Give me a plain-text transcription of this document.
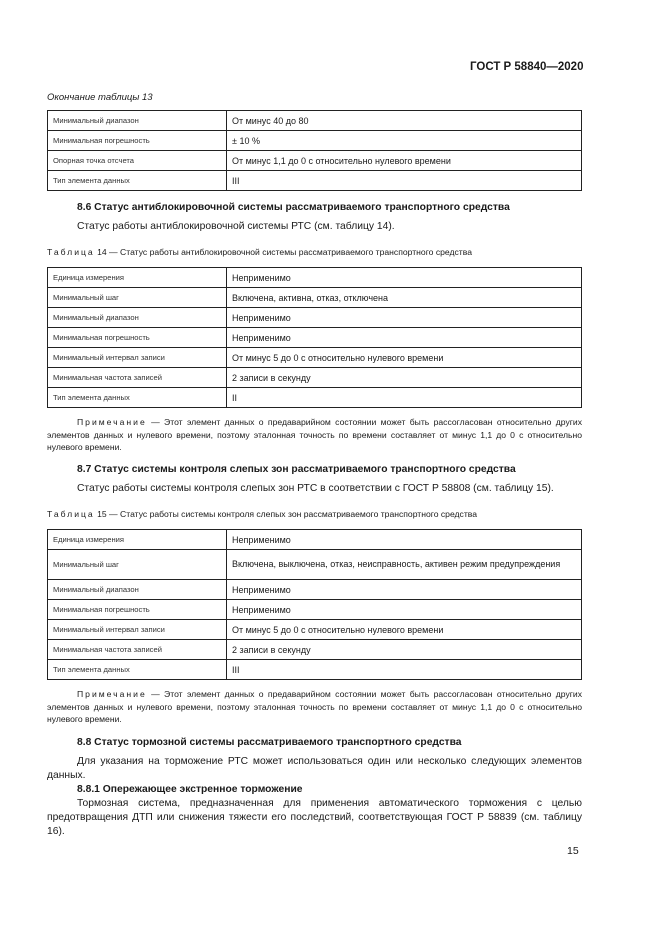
ГОСТ Р 58840—2020
Окончание таблицы 13
Минимальный диапазон	От минус 40 до 80
Минимальная погрешность	± 10 %
Опорная точка отсчета	От минус 1,1 до 0 с относительно нулевого времени
Тип элемента данных	III
8.6 Статус антиблокировочной системы рассматриваемого транспортного средства
Статус работы антиблокировочной системы РТС (см. таблицу 14).
Таблица 14 — Статус работы антиблокировочной системы рассматриваемого транспортного средства
Единица измерения	Неприменимо
Минимальный шаг	Включена, активна, отказ, отключена
Минимальный диапазон	Неприменимо
Минимальная погрешность	Неприменимо
Минимальный интервал записи	От минус 5 до 0 с относительно нулевого времени
Минимальная частота записей	2 записи в секунду
Тип элемента данных	II
Примечание — Этот элемент данных о предаварийном состоянии может быть рассогласован относительно других элементов данных и нулевого времени, поэтому эталонная точность по времени составляет от минус 1,1 до 0 с относительно нулевого времени.
8.7 Статус системы контроля слепых зон рассматриваемого транспортного средства
Статус работы системы контроля слепых зон РТС в соответствии с ГОСТ Р 58808 (см. таблицу 15).
Таблица 15 — Статус работы системы контроля слепых зон рассматриваемого транспортного средства
Единица измерения	Неприменимо
Минимальный шаг	Включена, выключена, отказ, неисправность, активен режим предупреждения
Минимальный диапазон	Неприменимо
Минимальная погрешность	Неприменимо
Минимальный интервал записи	От минус 5 до 0 с относительно нулевого времени
Минимальная частота записей	2 записи в секунду
Тип элемента данных	III
Примечание — Этот элемент данных о предаварийном состоянии может быть рассогласован относительно других элементов данных и нулевого времени, поэтому эталонная точность по времени составляет от минус 1,1 до 0 с относительно нулевого времени.
8.8 Статус тормозной системы рассматриваемого транспортного средства
Для указания на торможение РТС может использоваться один или несколько следующих элементов данных.
8.8.1 Опережающее экстренное торможение
Тормозная система, предназначенная для применения автоматического торможения с целью предотвращения ДТП или снижения тяжести его последствий, соответствующая ГОСТ Р 58839 (см. таблицу 16).
15
